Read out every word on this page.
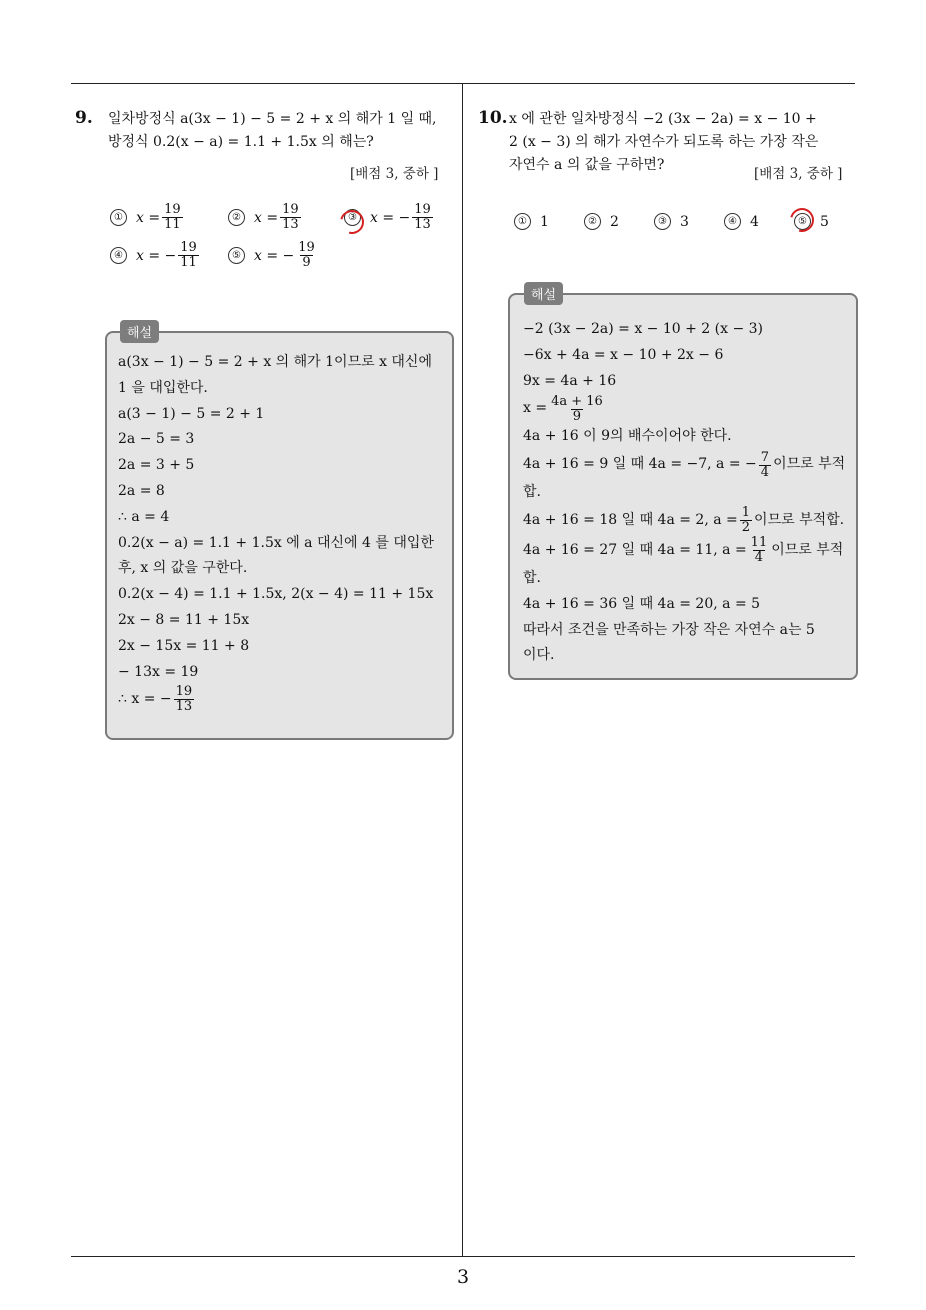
3
9. 일차방정식 a(3x − 1) − 5 = 2 + x 의 해가 1 일 때,
방정식 0.2(x − a) = 1.1 + 1.5x 의 해는?
[배점 3, 중하 ]
① $x = \frac{19}{11}$	② $x = \frac{19}{13}$	③ x = − $\frac{19}{13}$
④ x = − $\frac{19}{11}$	⑤ x = − $\frac{19}{9}$
해설
a(3x − 1) − 5 = 2 + x 의 해가 1이므로 x 대신에
1 을 대입한다.
a(3 − 1) − 5 = 2 + 1
2a − 5 = 3
2a = 3 + 5
2a = 8
∴ a = 4
0.2(x − a) = 1.1 + 1.5x 에 a 대신에 4 를 대입한
후, x 의 값을 구한다.
0.2(x − 4) = 1.1 + 1.5x, 2(x − 4) = 11 + 15x
2x − 8 = 11 + 15x
2x − 15x = 11 + 8
− 13x = 19
∴ x = − $\frac{19}{13}$
10. x 에 관한 일차방정식 −2 (3x − 2a) = x − 10 +
2 (x − 3) 의 해가 자연수가 되도록 하는 가장 작은
자연수 a 의 값을 구하면?
[배점 3, 중하 ]
① 1	② 2	③ 3	④ 4	⑤ 5
해설
−2 (3x − 2a) = x − 10 + 2 (x − 3)
−6x + 4a = x − 10 + 2x − 6
9x = 4a + 16
$x = \frac{4a + 16}{9}$
4a + 16 이 9의 배수이어야 한다.
4a + 16 = 9 일 때 4a = −7, a = − $\frac{7}{4}$ 이므로 부적
합.
4a + 16 = 18 일 때 4a = 2, $a = \frac{1}{2}$ 이므로 부적합.
4a + 16 = 27 일 때 4a = 11, $a = \frac{11}{4}$ 이므로 부적
합.
4a + 16 = 36 일 때 4a = 20, a = 5
따라서 조건을 만족하는 가장 작은 자연수 a는 5
이다.
